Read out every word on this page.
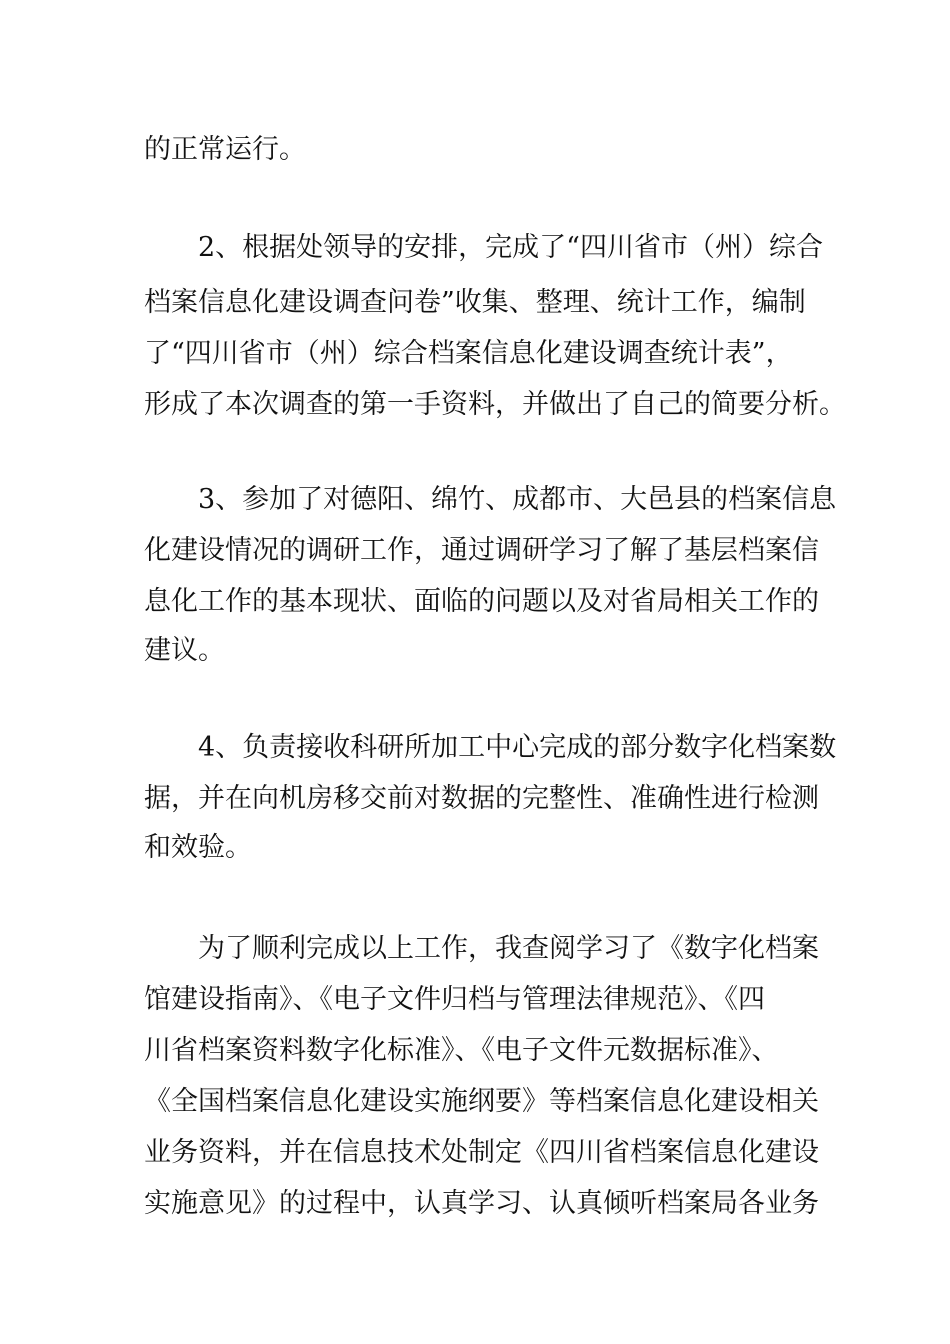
的正常运行。

2、根据处领导的安排，完成了“四川省市（州）综合

档案信息化建设调查问卷”收集、整理、统计工作，编制

了“四川省市（州）综合档案信息化建设调查统计表”，

形成了本次调查的第一手资料，并做出了自己的简要分析。

3、参加了对德阳、绵竹、成都市、大邑县的档案信息

化建设情况的调研工作，通过调研学习了解了基层档案信

息化工作的基本现状、面临的问题以及对省局相关工作的

建议。

4、负责接收科研所加工中心完成的部分数字化档案数

据，并在向机房移交前对数据的完整性、准确性进行检测

和效验。

为了顺利完成以上工作，我查阅学习了《数字化档案

馆建设指南》、《电子文件归档与管理法律规范》、《四

川省档案资料数字化标准》、《电子文件元数据标准》、

《全国档案信息化建设实施纲要》等档案信息化建设相关

业务资料，并在信息技术处制定《四川省档案信息化建设

实施意见》的过程中，认真学习、认真倾听档案局各业务
